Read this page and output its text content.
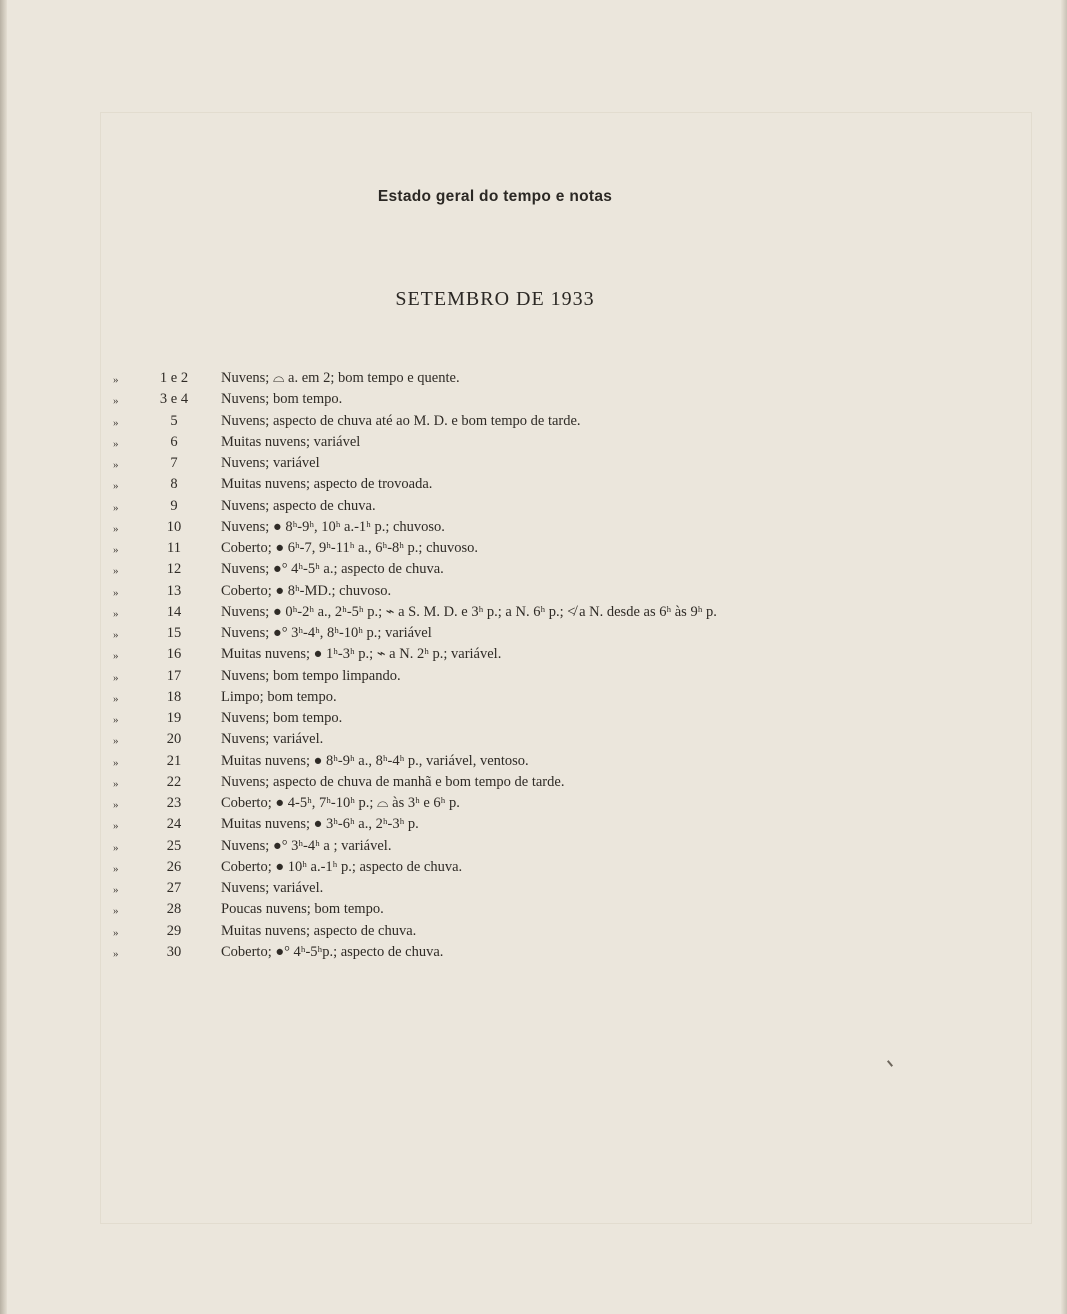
Estado geral do tempo e notas
SETEMBRO DE 1933
»	1 e 2	Nuvens; ⌓ a. em 2; bom tempo e quente.
»	3 e 4	Nuvens; bom tempo.
»	5	Nuvens; aspecto de chuva até ao M. D. e bom tempo de tarde.
»	6	Muitas nuvens; variável
»	7	Nuvens; variável
»	8	Muitas nuvens; aspecto de trovoada.
»	9	Nuvens; aspecto de chuva.
»	10	Nuvens; ● 8ʰ-9ʰ, 10ʰ a.-1ʰ p.; chuvoso.
»	11	Coberto; ● 6ʰ-7, 9ʰ-11ʰ a., 6ʰ-8ʰ p.; chuvoso.
»	12	Nuvens; ●° 4ʰ-5ʰ a.; aspecto de chuva.
»	13	Coberto; ● 8ʰ-MD.; chuvoso.
»	14	Nuvens; ● 0ʰ-2ʰ a., 2ʰ-5ʰ p.; ⌁ a S. M. D. e 3ʰ p.; a N. 6ʰ p.; ≮ a N. desde as 6ʰ às 9ʰ p.
»	15	Nuvens; ●° 3ʰ-4ʰ, 8ʰ-10ʰ p.; variável
»	16	Muitas nuvens; ● 1ʰ-3ʰ p.; ⌁ a N. 2ʰ p.; variável.
»	17	Nuvens; bom tempo limpando.
»	18	Limpo; bom tempo.
»	19	Nuvens; bom tempo.
»	20	Nuvens; variável.
»	21	Muitas nuvens; ● 8ʰ-9ʰ a., 8ʰ-4ʰ p., variável, ventoso.
»	22	Nuvens; aspecto de chuva de manhã e bom tempo de tarde.
»	23	Coberto; ● 4-5ʰ, 7ʰ-10ʰ p.; ⌓ às 3ʰ e 6ʰ p.
»	24	Muitas nuvens; ● 3ʰ-6ʰ a., 2ʰ-3ʰ p.
»	25	Nuvens; ●° 3ʰ-4ʰ a ; variável.
»	26	Coberto; ● 10ʰ a.-1ʰ p.; aspecto de chuva.
»	27	Nuvens; variável.
»	28	Poucas nuvens; bom tempo.
»	29	Muitas nuvens; aspecto de chuva.
»	30	Coberto; ●° 4ʰ-5ʰp.; aspecto de chuva.
